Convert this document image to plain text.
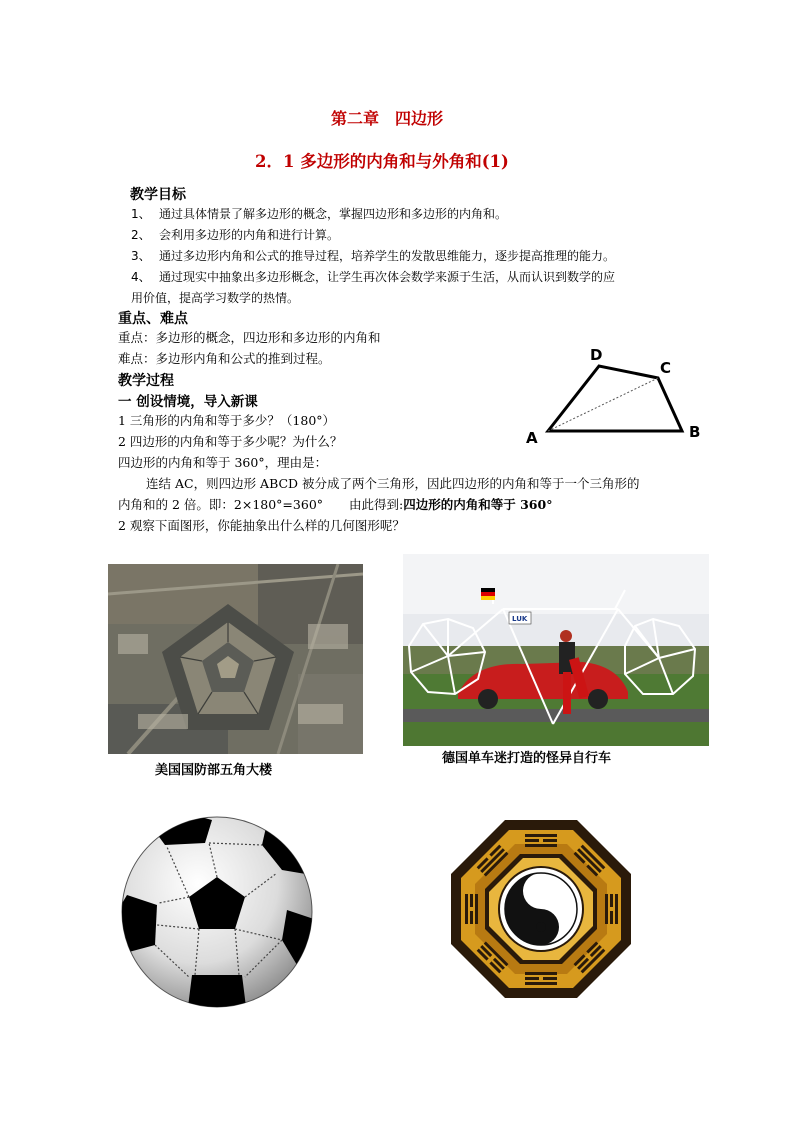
第二章　四边形
2．1 多边形的内角和与外角和(1)
教学目标
1、 通过具体情景了解多边形的概念，掌握四边形和多边形的内角和。
2、 会利用多边形的内角和进行计算。
3、 通过多边形内角和公式的推导过程，培养学生的发散思维能力，逐步提高推理的能力。
4、 通过现实中抽象出多边形概念，让学生再次体会数学来源于生活，从而认识到数学的应
用价值，提高学习数学的热情。
重点、难点
重点：多边形的概念，四边形和多边形的内角和
难点：多边形内角和公式的推到过程。
教学过程
一 创设情境，导入新课
1 三角形的内角和等于多少？（180°）
2 四边形的内角和等于多少呢？为什么？
四边形的内角和等于 360°，理由是：
连结 AC，则四边形 ABCD 被分成了两个三角形，因此四边形的内角和等于一个三角形的
内角和的 2 倍。即：2×180°=360° 由此得到:四边形的内角和等于 360°
2 观察下面图形，你能抽象出什么样的几何图形呢？
A	B
C
D
美国国防部五角大楼
LUK
德国单车迷打造的怪异自行车
